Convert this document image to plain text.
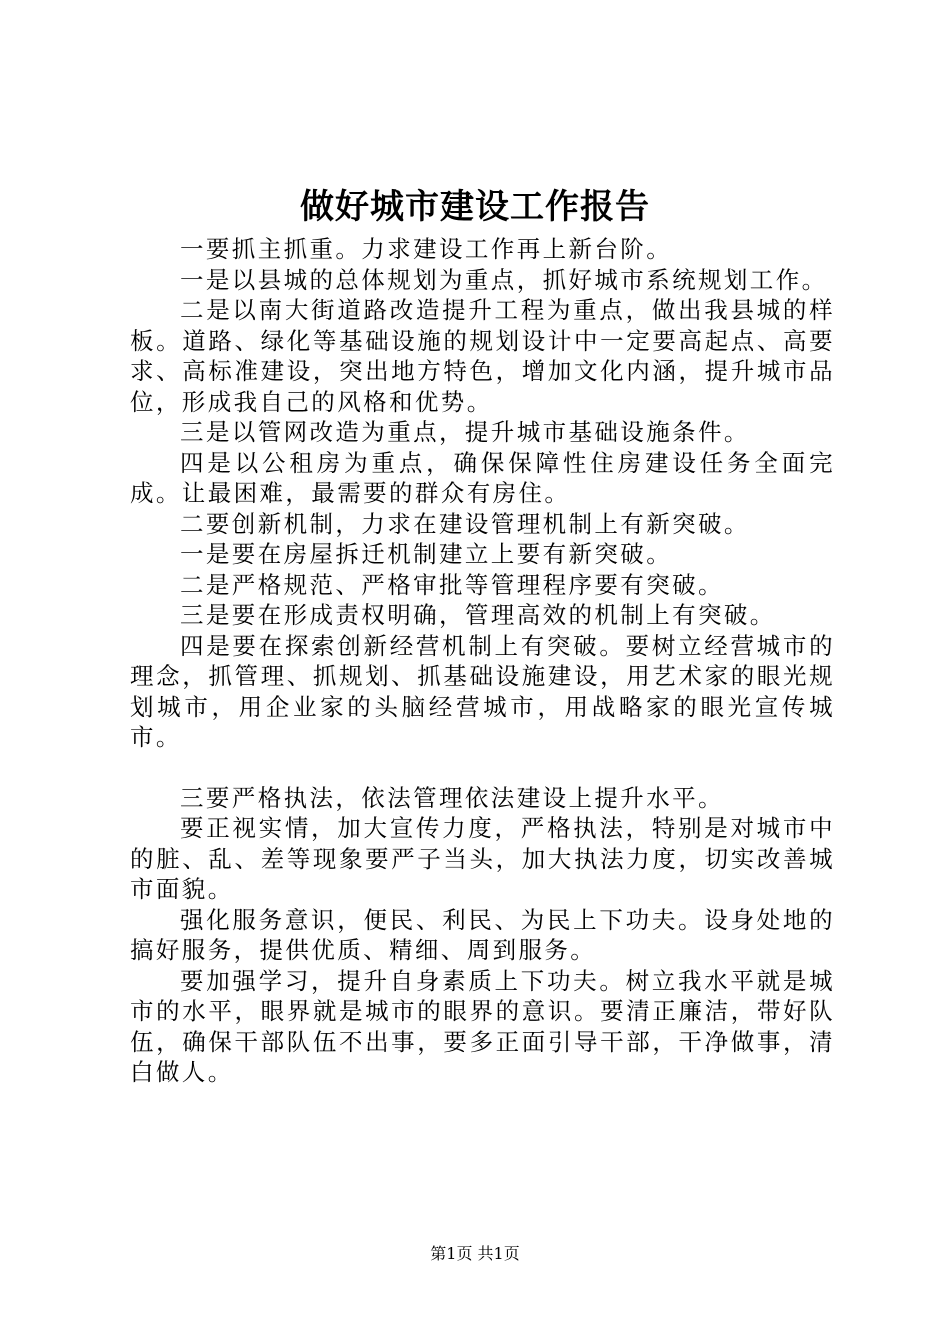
做好城市建设工作报告

一要抓主抓重。力求建设工作再上新台阶。

一是以县城的总体规划为重点，抓好城市系统规划工作。

二是以南大街道路改造提升工程为重点，做出我县城的样板。道路、绿化等基础设施的规划设计中一定要高起点、高要求、高标准建设，突出地方特色，增加文化内涵，提升城市品位，形成我自己的风格和优势。

三是以管网改造为重点，提升城市基础设施条件。

四是以公租房为重点，确保保障性住房建设任务全面完成。让最困难，最需要的群众有房住。

二要创新机制，力求在建设管理机制上有新突破。

一是要在房屋拆迁机制建立上要有新突破。

二是严格规范、严格审批等管理程序要有突破。

三是要在形成责权明确，管理高效的机制上有突破。

四是要在探索创新经营机制上有突破。要树立经营城市的理念，抓管理、抓规划、抓基础设施建设，用艺术家的眼光规划城市，用企业家的头脑经营城市，用战略家的眼光宣传城市。

三要严格执法，依法管理依法建设上提升水平。

要正视实情，加大宣传力度，严格执法，特别是对城市中的脏、乱、差等现象要严子当头，加大执法力度，切实改善城市面貌。

强化服务意识，便民、利民、为民上下功夫。设身处地的搞好服务，提供优质、精细、周到服务。

要加强学习，提升自身素质上下功夫。树立我水平就是城市的水平，眼界就是城市的眼界的意识。要清正廉洁，带好队伍，确保干部队伍不出事，要多正面引导干部，干净做事，清白做人。

第1页 共1页
